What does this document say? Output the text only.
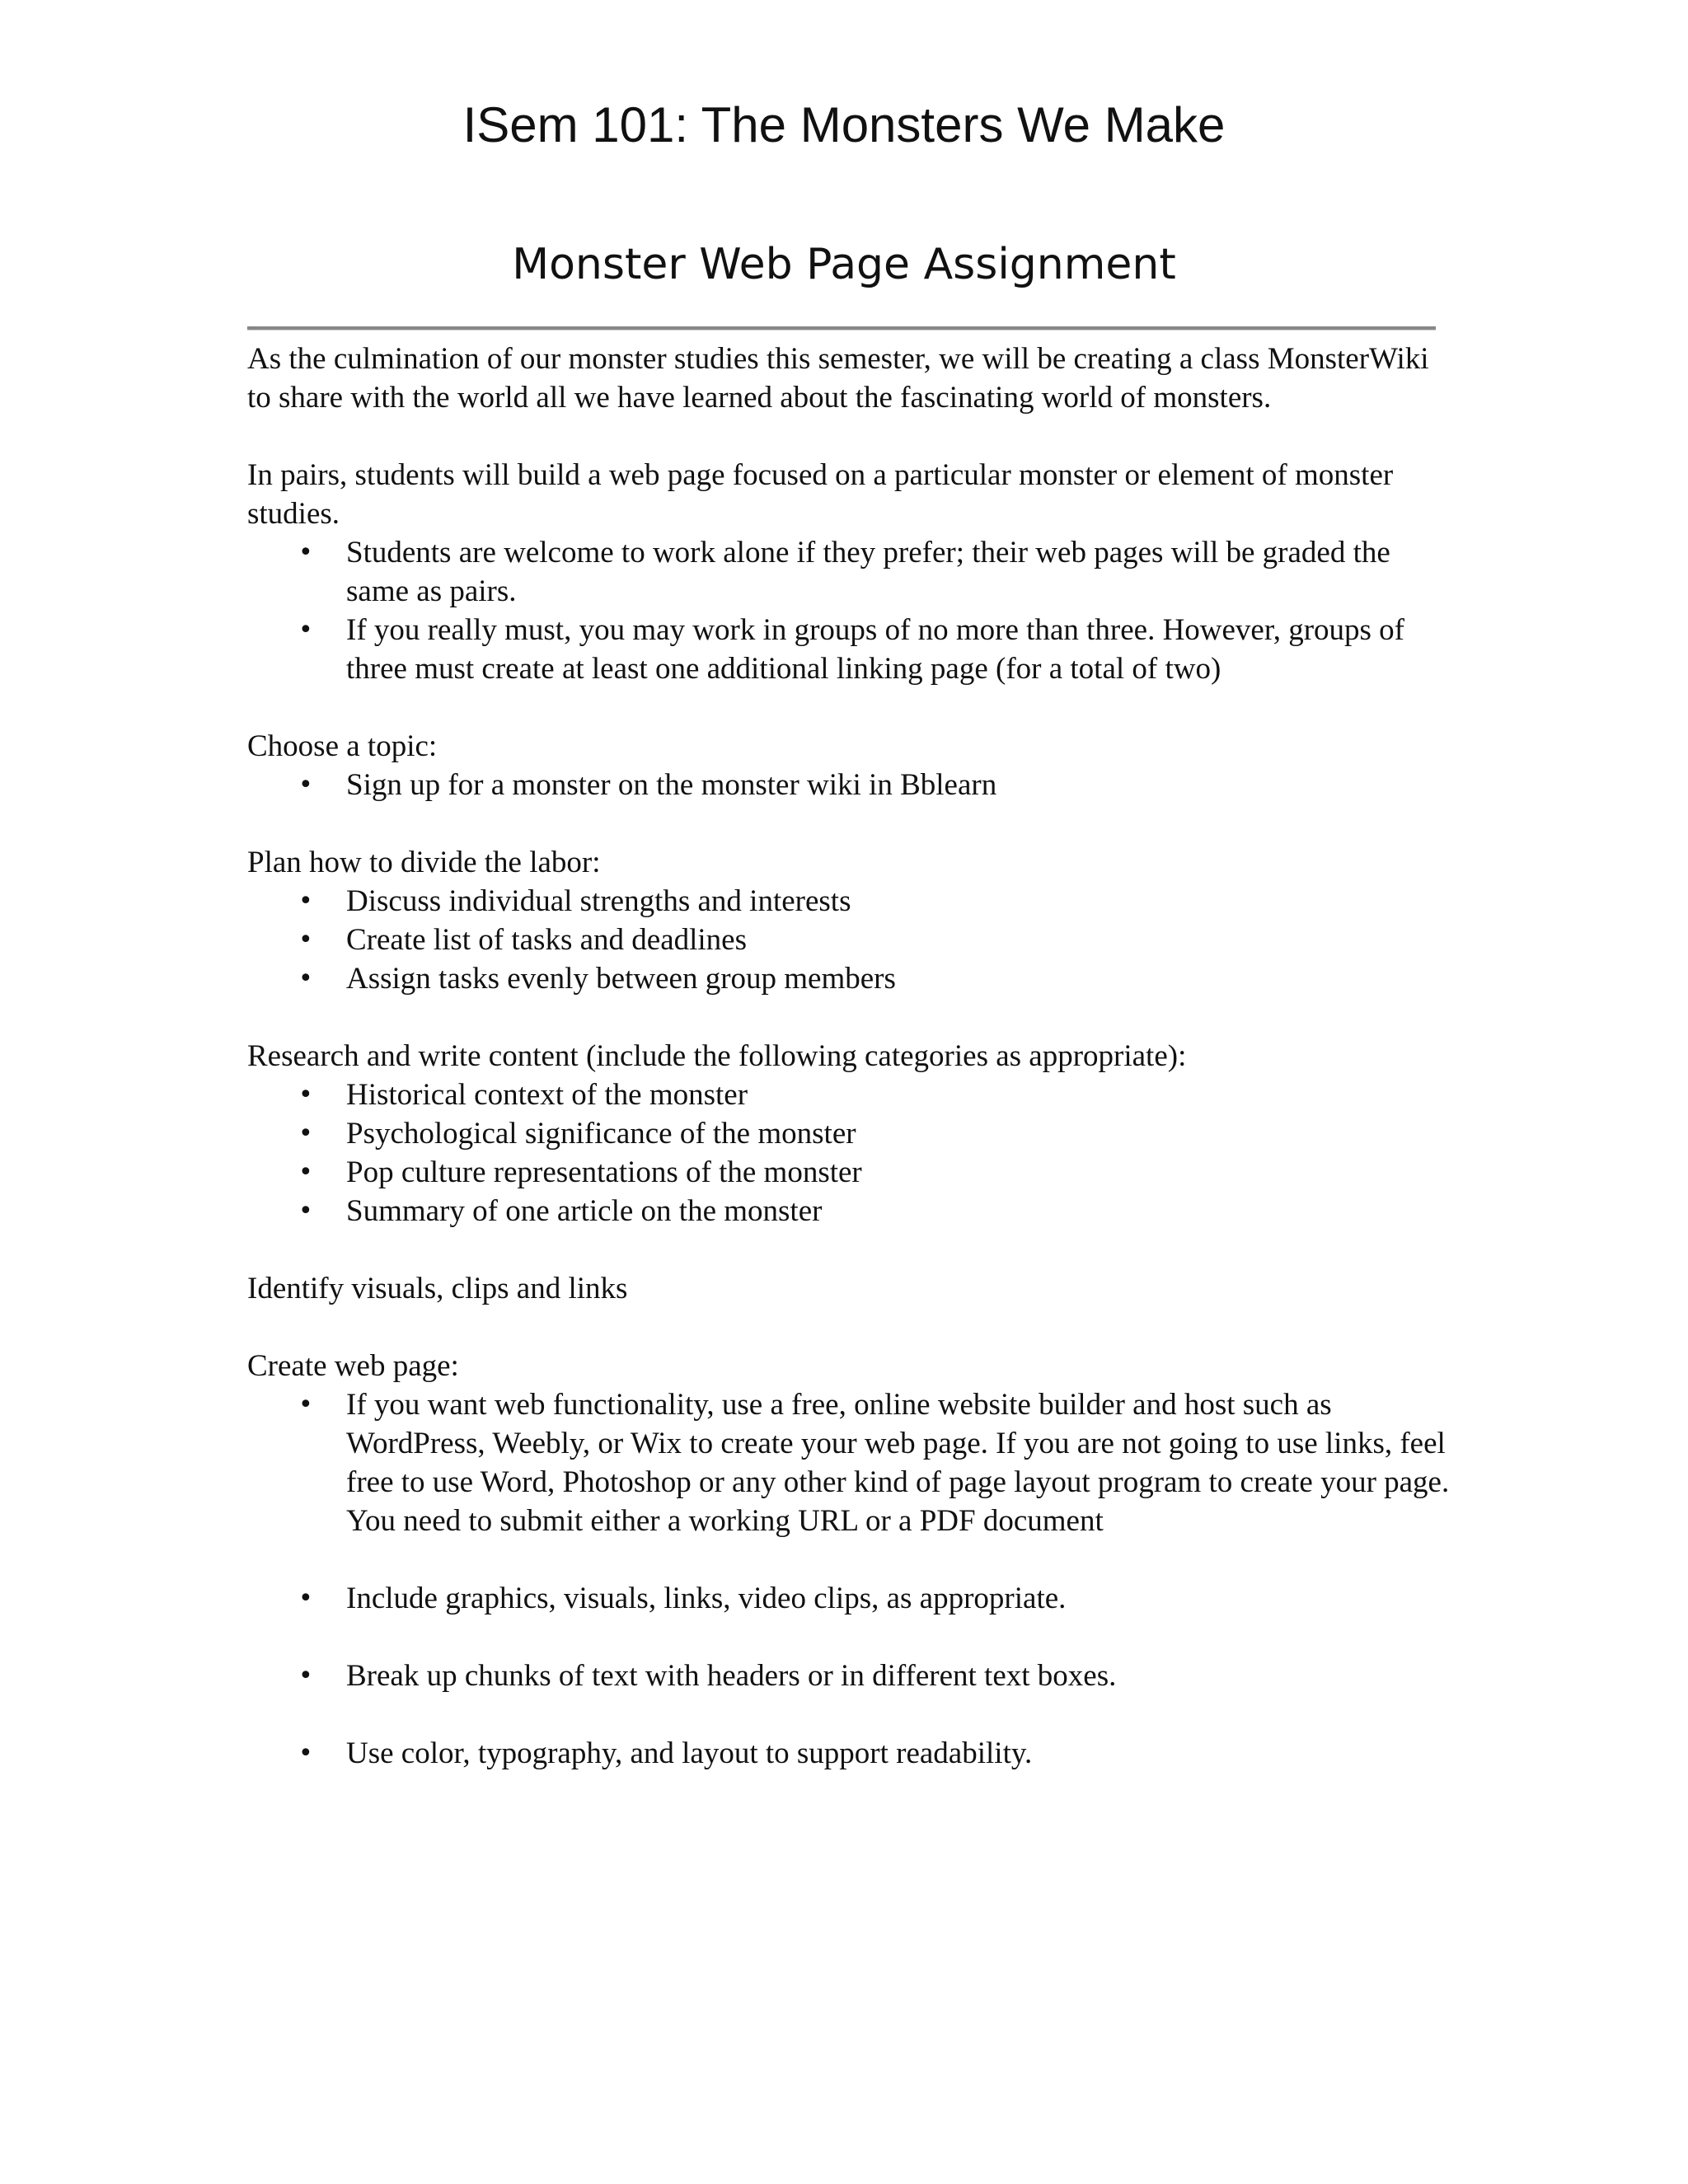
ISem 101: The Monsters We Make
Monster Web Page Assignment

As the culmination of our monster studies this semester, we will be creating a class MonsterWiki to share with the world all we have learned about the fascinating world of monsters.

In pairs, students will build a web page focused on a particular monster or element of monster studies.

• Students are welcome to work alone if they prefer; their web pages will be graded the same as pairs.
• If you really must, you may work in groups of no more than three. However, groups of three must create at least one additional linking page (for a total of two)

Choose a topic:

• Sign up for a monster on the monster wiki in Bblearn

Plan how to divide the labor:

• Discuss individual strengths and interests
• Create list of tasks and deadlines
• Assign tasks evenly between group members

Research and write content (include the following categories as appropriate):

• Historical context of the monster
• Psychological significance of the monster
• Pop culture representations of the monster
• Summary of one article on the monster

Identify visuals, clips and links

Create web page:

• If you want web functionality, use a free, online website builder and host such as WordPress, Weebly, or Wix to create your web page. If you are not going to use links, feel free to use Word, Photoshop or any other kind of page layout program to create your page. You need to submit either a working URL or a PDF document
• Include graphics, visuals, links, video clips, as appropriate.
• Break up chunks of text with headers or in different text boxes.
• Use color, typography, and layout to support readability.
